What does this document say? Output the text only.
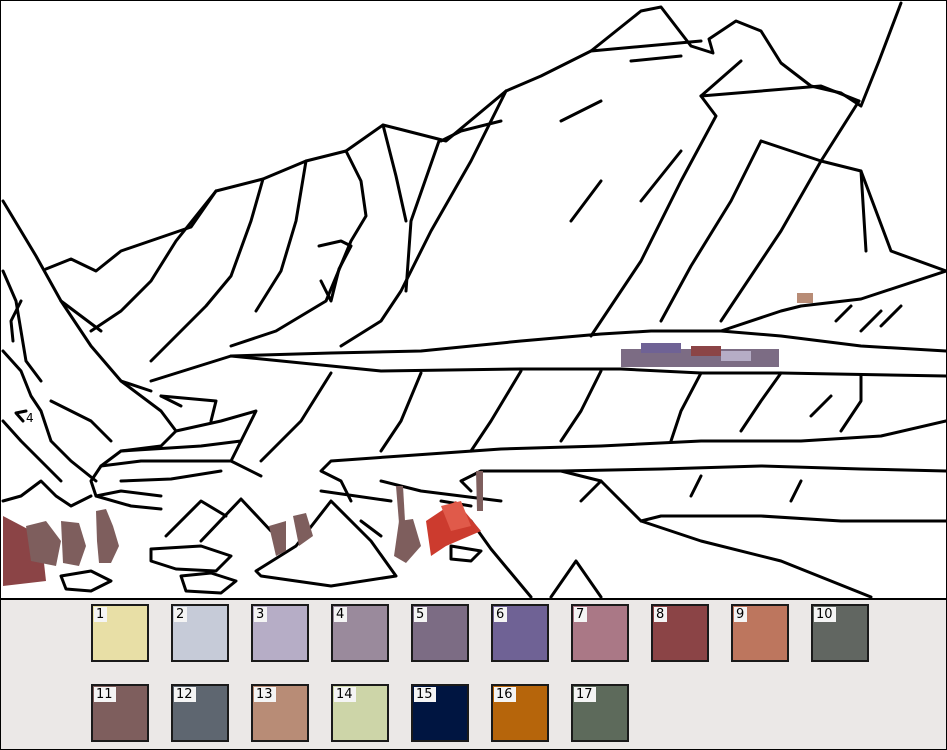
4
1	2	3	4	5	6	7	8	9	10
11	12	13	14	15	16	17
